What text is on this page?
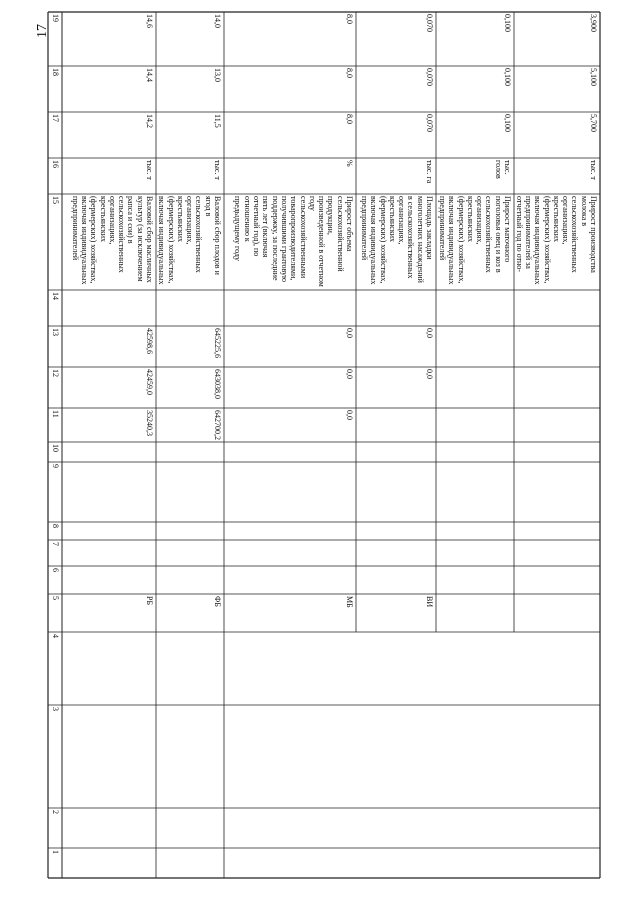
17
19
18
17
16
15
14
13
12
11
10
9
8
7
6
5
4
3
2
1
14,6
14,4
14,2
тыс. т
Валовой сбор масличных культур (за исключением рапса и сои) в сельскохозяйственных организациях, крестьянских (фермерских) хозяйствах, включая индивидуальных предпринимателей
42598,6
42459,0
35240,3
РБ
14,0
13,0
11,5
тыс. т
Валовой сбор плодов и ягод в сельскохозяйственных организациях, крестьянских (фермерских) хозяйствах, включая индивидуальных
645225,6
643038,0
642700,2
ФБ
8,0
8,0
8,0
%
Прирост объема сельскохозяйственной продукции, произведенной в отчетном году сельскохозяйственными товаропроизводителями, получившими грантовую поддержку, за последние пять лет (включая отчетный год), по отношению к предыдущему году
0,0
0,0
0,0
МБ
0,070
0,070
0,070
тыс. га
Площадь закладки многолетних насаждений в сельскохозяйственных организациях, крестьянских (фермерских) хозяйствах, включая индивидуальных предпринимателей
0,0
0,0
ВИ
0,100
0,100
0,100
тыс. голов
Прирост маточного поголовья овец и коз в сельскохозяйственных организациях, крестьянских (фермерских) хозяйствах, включая индивидуальных предпринимателей
3,900
5,100
5,700
тыс. т
Прирост производства молока в сельскохозяйственных организациях, крестьянских (фермерских) хозяйствах, включая индивидуальных предпринимателей за отчетный год по отно-
